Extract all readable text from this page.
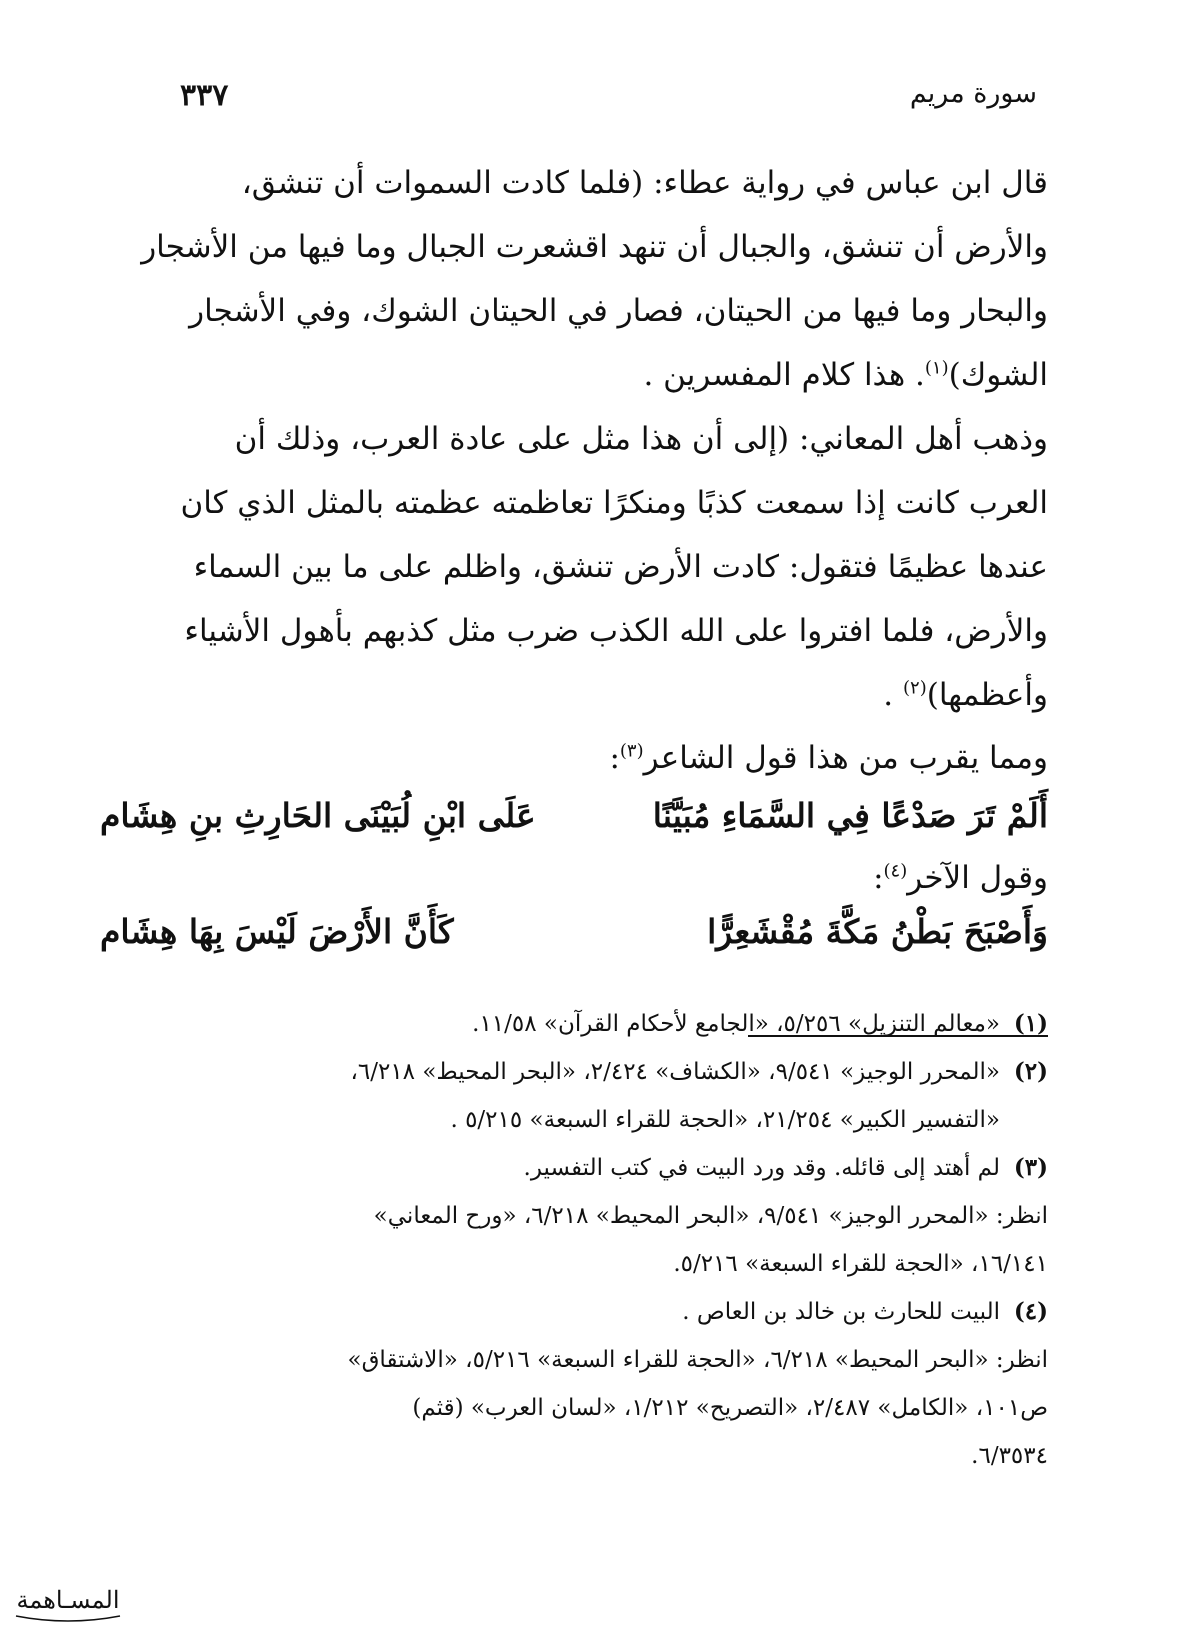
سورة مريم
٣٣٧
قال ابن عباس في رواية عطاء: (فلما كادت السموات أن تنشق،
والأرض أن تنشق، والجبال أن تنهد اقشعرت الجبال وما فيها من الأشجار
والبحار وما فيها من الحيتان، فصار في الحيتان الشوك، وفي الأشجار
الشوك)$^{(١)}$. هذا كلام المفسرين .
وذهب أهل المعاني: (إلى أن هذا مثل على عادة العرب، وذلك أن
العرب كانت إذا سمعت كذبًا ومنكرًا تعاظمته عظمته بالمثل الذي كان
عندها عظيمًا فتقول: كادت الأرض تنشق، واظلم على ما بين السماء
والأرض، فلما افتروا على الله الكذب ضرب مثل كذبهم بأهول الأشياء
وأعظمها)$^{(٢)}$ .
ومما يقرب من هذا قول الشاعر$^{(٣)}$:
أَلَمْ تَرَ صَدْعًا فِي السَّمَاءِ مُبَيَّنًا
عَلَى ابْنِ لُبَيْنَى الحَارِثِ بنِ هِشَام
وقول الآخر$^{(٤)}$:
وَأَصْبَحَ بَطْنُ مَكَّةَ مُقْشَعِرًّا
كَأَنَّ الأَرْضَ لَيْسَ بِهَا هِشَام
(١)
«معالم التنزيل» ٥/٢٥٦، «الجامع لأحكام القرآن» ١١/٥٨.
(٢)
«المحرر الوجيز» ٩/٥٤١، «الكشاف» ٢/٤٢٤، «البحر المحيط» ٦/٢١٨،
«التفسير الكبير» ٢١/٢٥٤، «الحجة للقراء السبعة» ٥/٢١٥ .
(٣)
لم أهتد إلى قائله. وقد ورد البيت في كتب التفسير.
انظر: «المحرر الوجيز» ٩/٥٤١، «البحر المحيط» ٦/٢١٨، «ورح المعاني»
١٦/١٤١، «الحجة للقراء السبعة» ٥/٢١٦.
(٤)
البيت للحارث بن خالد بن العاص .
انظر: «البحر المحيط» ٦/٢١٨، «الحجة للقراء السبعة» ٥/٢١٦، «الاشتقاق»
ص١٠١، «الكامل» ٢/٤٨٧، «التصريح» ١/٢١٢، «لسان العرب» (قثم)
٦/٣٥٣٤.
المسـاهمة
